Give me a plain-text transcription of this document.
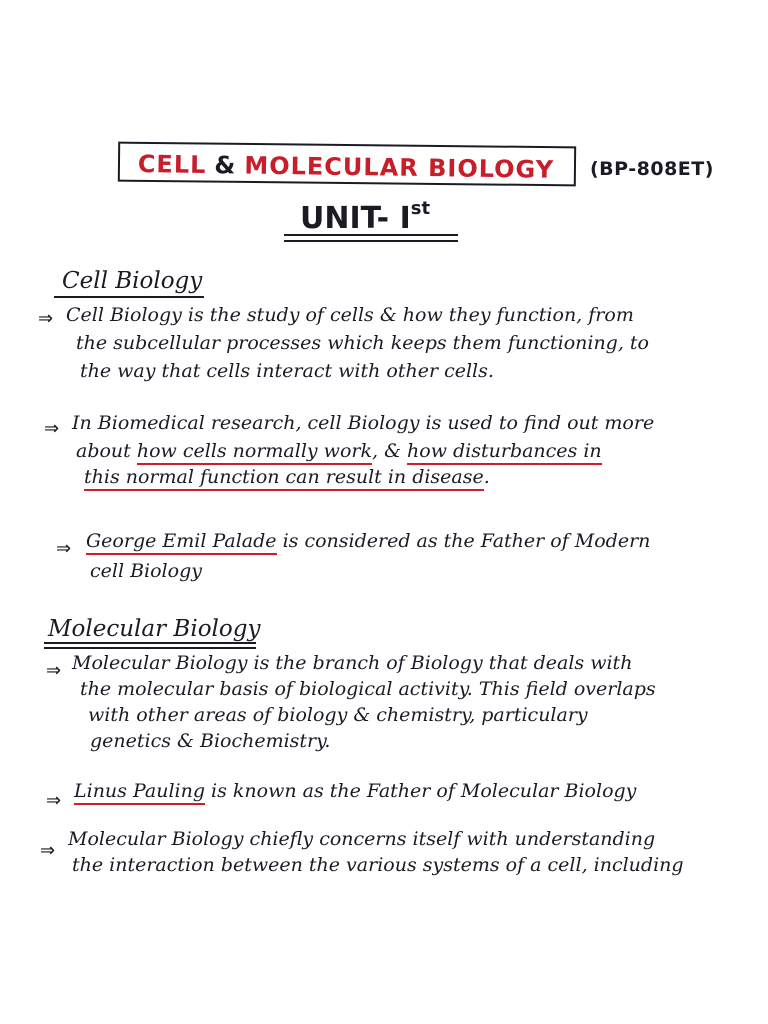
CELL & MOLECULAR BIOLOGY (BP-808ET)
UNIT- Ist
Cell Biology
⇒ Cell Biology is the study of cells & how they function, from
the subcellular processes which keeps them functioning, to
the way that cells interact with other cells.
⇒ In Biomedical research, cell Biology is used to find out more
about how cells normally work, & how disturbances in
this normal function can result in disease.
⇒ George Emil Palade is considered as the Father of Modern
cell Biology
Molecular Biology
⇒ Molecular Biology is the branch of Biology that deals with
the molecular basis of biological activity. This field overlaps
with other areas of biology & chemistry, particulary
genetics & Biochemistry.
⇒ Linus Pauling is known as the Father of Molecular Biology
⇒
Molecular Biology chiefly concerns itself with understanding
the interaction between the various systems of a cell, including
